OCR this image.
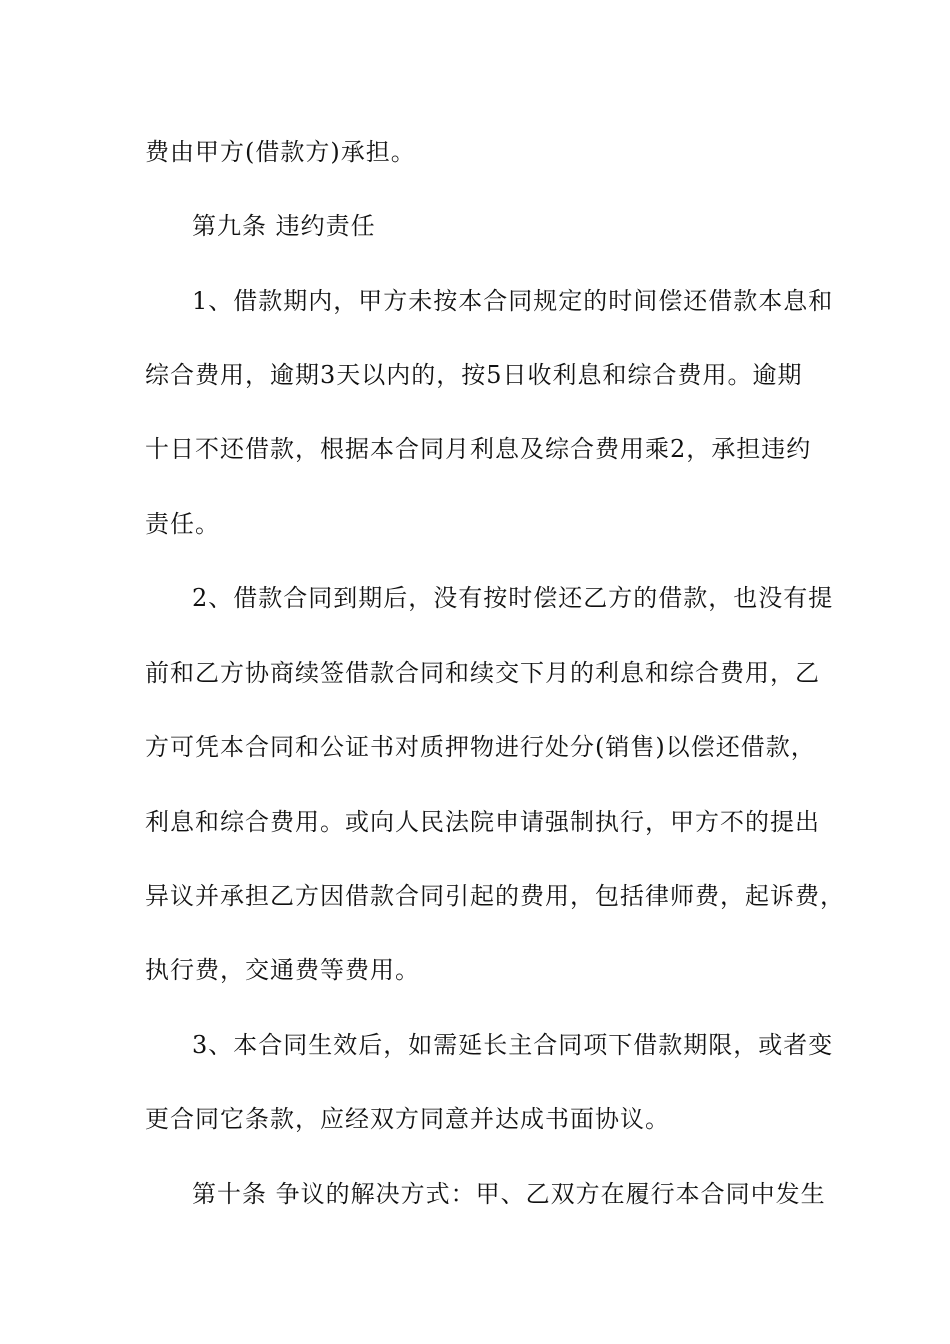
费由甲方(借款方)承担。
第九条 违约责任
1、借款期内，甲方未按本合同规定的时间偿还借款本息和
综合费用，逾期3天以内的，按5日收利息和综合费用。逾期
十日不还借款，根据本合同月利息及综合费用乘2，承担违约
责任。
2、借款合同到期后，没有按时偿还乙方的借款，也没有提
前和乙方协商续签借款合同和续交下月的利息和综合费用，乙
方可凭本合同和公证书对质押物进行处分(销售)以偿还借款，
利息和综合费用。或向人民法院申请强制执行，甲方不的提出
异议并承担乙方因借款合同引起的费用，包括律师费，起诉费，
执行费，交通费等费用。
3、本合同生效后，如需延长主合同项下借款期限，或者变
更合同它条款，应经双方同意并达成书面协议。
第十条 争议的解决方式：甲、乙双方在履行本合同中发生
